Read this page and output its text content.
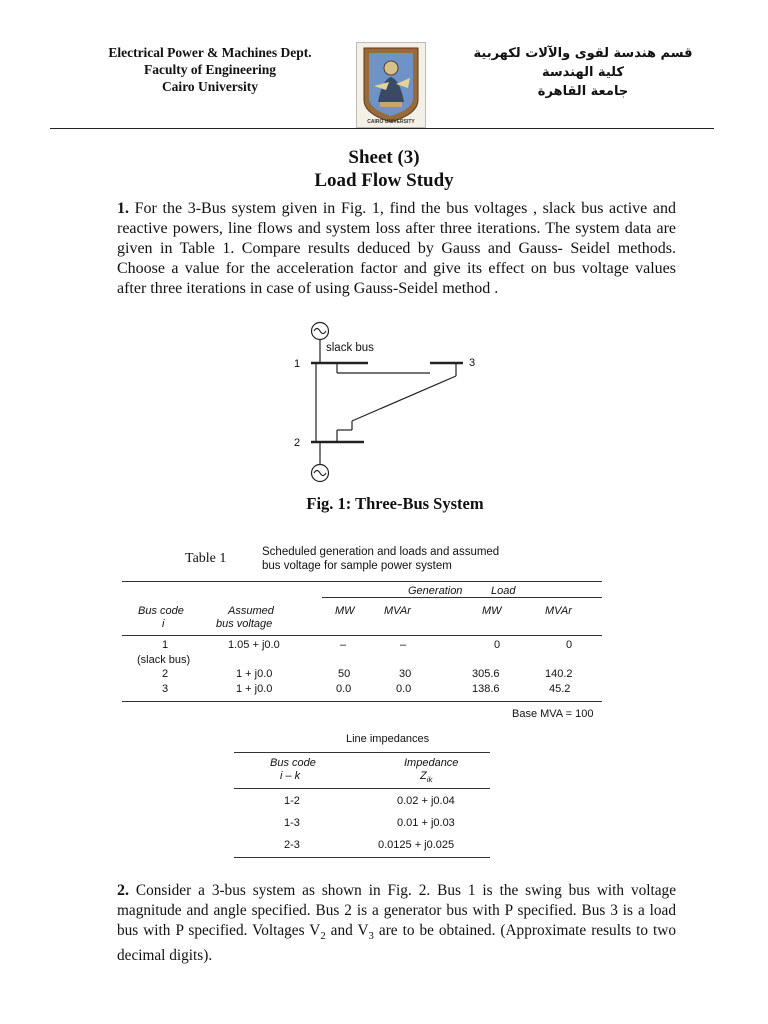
Electrical Power & Machines Dept.
Faculty of Engineering
Cairo University
CAIRO UNIVERSITY
قسم هندسة لقوى والآلات لكهربية
كلية الهندسة
جامعة القاهرة
Sheet (3)
Load Flow Study
1. For the 3-Bus system given in Fig. 1, find the bus voltages , slack bus active and reactive powers, line flows and system loss after three iterations. The system data are given in Table 1. Compare results deduced by Gauss and Gauss- Seidel methods. Choose a value for the acceleration factor and give its effect on bus voltage values after three iterations in case of using Gauss-Seidel method .
slack bus
1	3
2
Fig. 1: Three-Bus System
Table 1	Scheduled generation and loads and assumed
bus voltage for sample power system
Generation	Load
Bus code
i
Assumed
bus voltage
MW	MVAr	MW	MVAr
1	1.05 + j0.0	–	–	0	0
(slack bus)
2	1 + j0.0	50	30	305.6	140.2
3	1 + j0.0	0.0	0.0	138.6	45.2
Base MVA = 100
Line impedances
Bus code
i – k
Impedance
$Z_{ik}$
1-2	0.02 + j0.04
1-3	0.01 + j0.03
2-3	0.0125 + j0.025
2. Consider a 3-bus system as shown in Fig. 2. Bus 1 is the swing bus with voltage magnitude and angle specified. Bus 2 is a generator bus with P specified. Bus 3 is a load bus with P specified. Voltages $V_2$ and $V_3$ are to be obtained. (Approximate results to two decimal digits).
